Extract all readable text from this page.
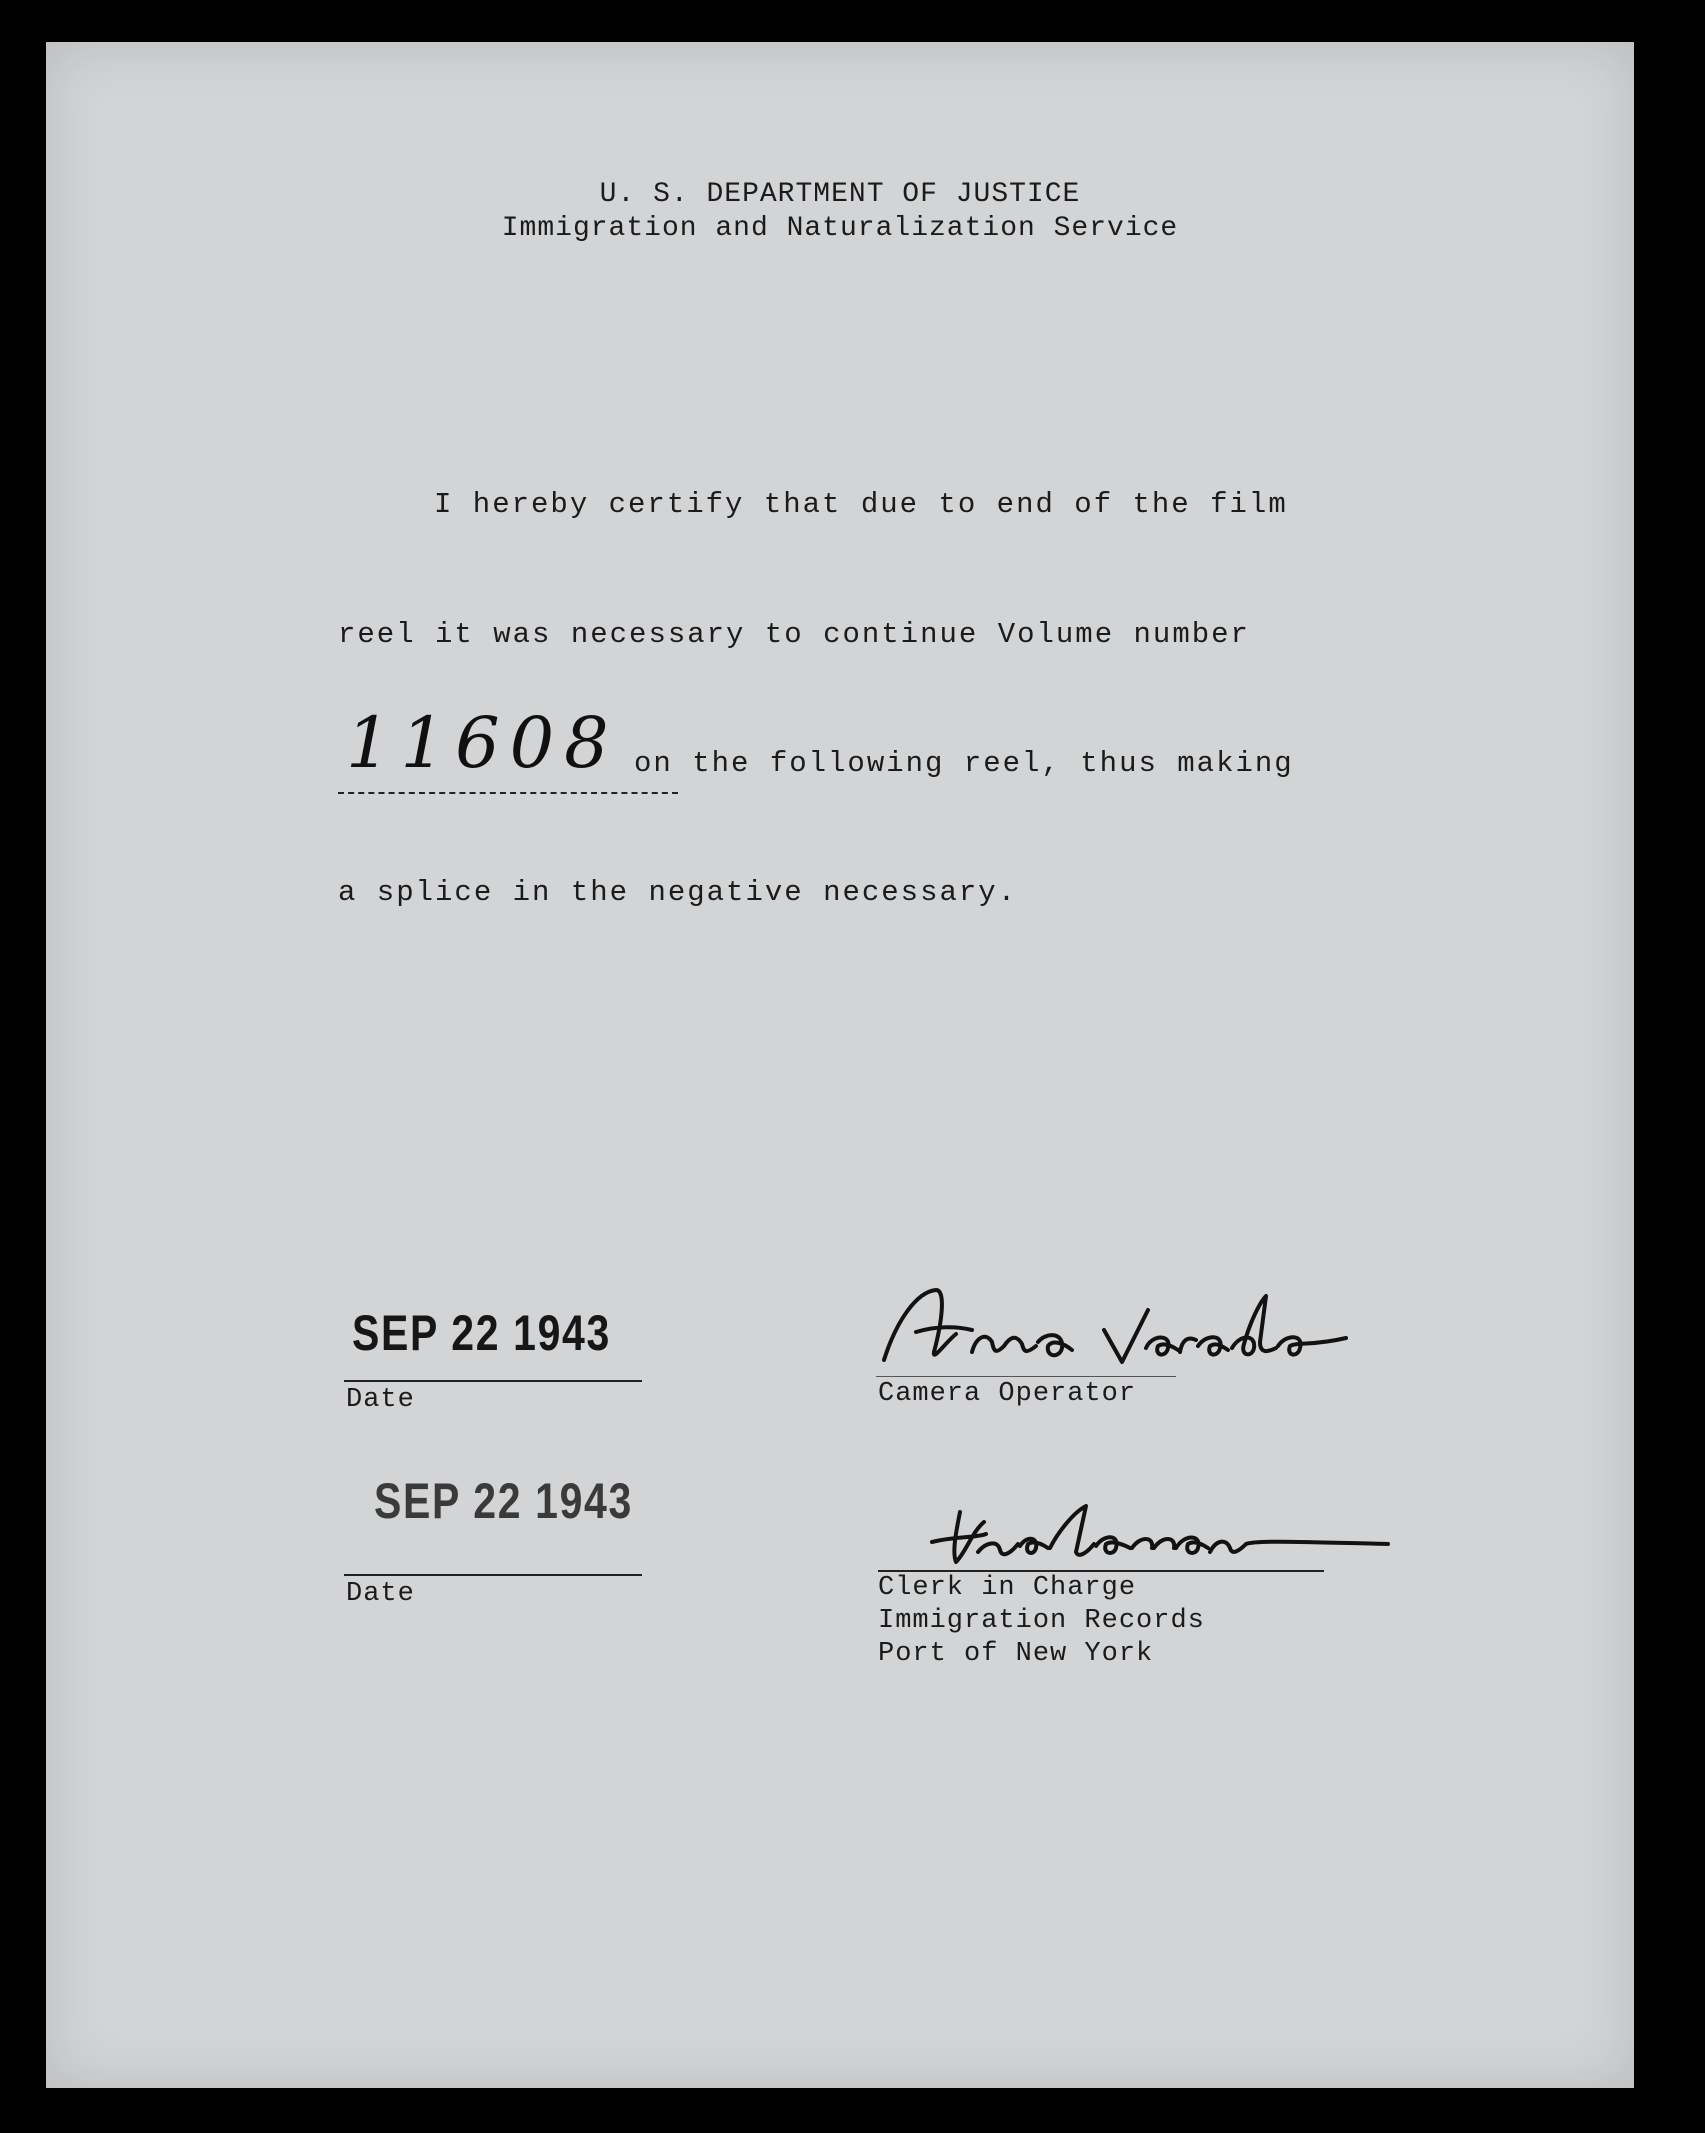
U. S. DEPARTMENT OF JUSTICE
Immigration and Naturalization Service
I hereby certify that due to end of the film
reel it was necessary to continue Volume number
11608 on the following reel, thus making
a splice in the negative necessary.
SEP 22 1943
Date
SEP 22 1943
Date
Camera Operator
Clerk in Charge
Immigration Records
Port of New York
